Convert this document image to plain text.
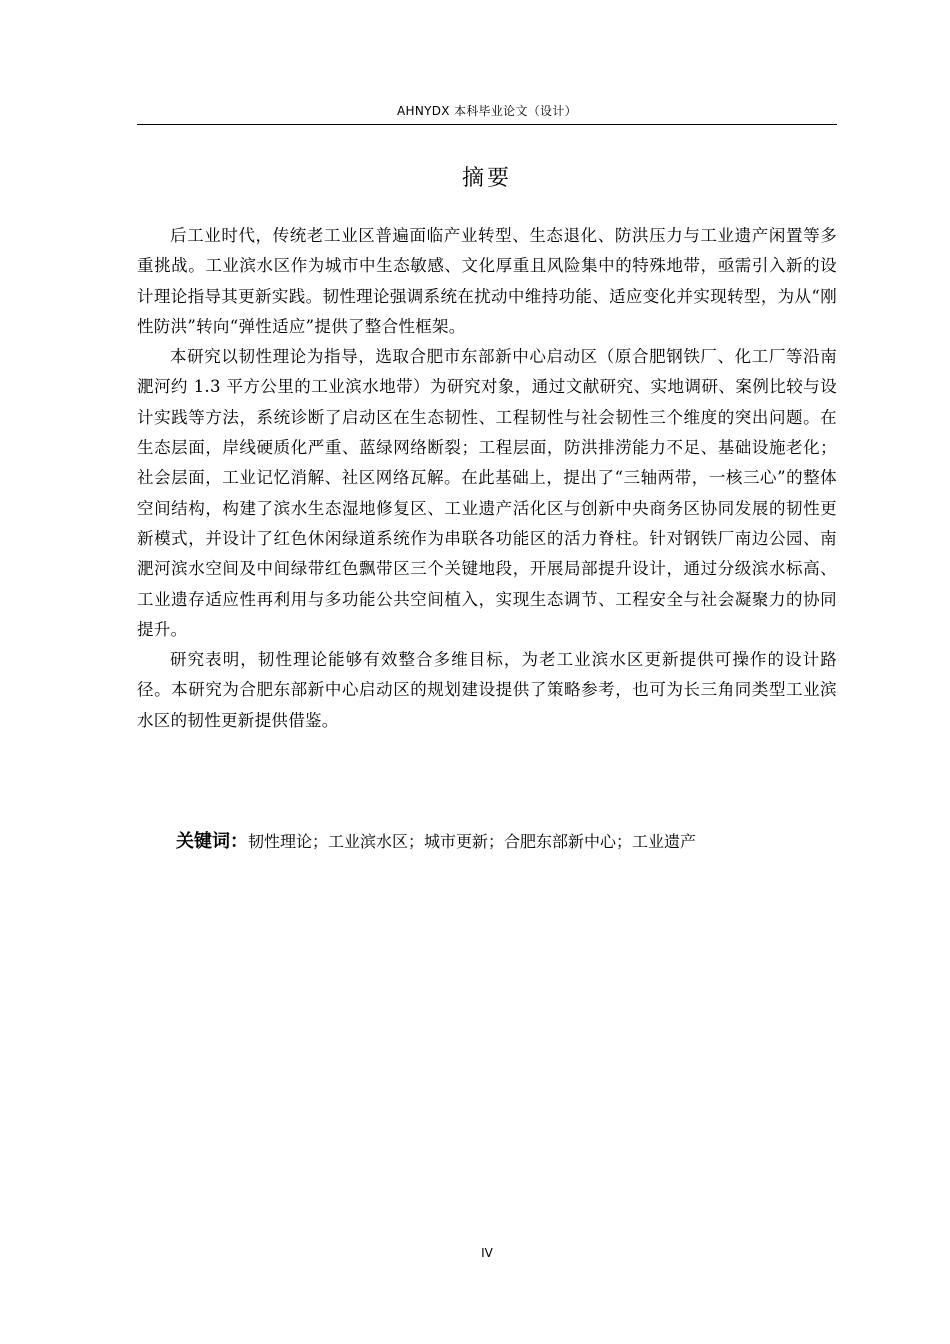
AHNYDX 本科毕业论文（设计）
摘要

后工业时代，传统老工业区普遍面临产业转型、生态退化、防洪压力与工业遗产闲置等多重挑战。工业滨水区作为城市中生态敏感、文化厚重且风险集中的特殊地带，亟需引入新的设计理论指导其更新实践。韧性理论强调系统在扰动中维持功能、适应变化并实现转型，为从“刚性防洪”转向“弹性适应”提供了整合性框架。

本研究以韧性理论为指导，选取合肥市东部新中心启动区（原合肥钢铁厂、化工厂等沿南淝河约 1.3 平方公里的工业滨水地带）为研究对象，通过文献研究、实地调研、案例比较与设计实践等方法，系统诊断了启动区在生态韧性、工程韧性与社会韧性三个维度的突出问题。在生态层面，岸线硬质化严重、蓝绿网络断裂；工程层面，防洪排涝能力不足、基础设施老化；社会层面，工业记忆消解、社区网络瓦解。在此基础上，提出了“三轴两带，一核三心”的整体空间结构，构建了滨水生态湿地修复区、工业遗产活化区与创新中央商务区协同发展的韧性更新模式，并设计了红色休闲绿道系统作为串联各功能区的活力脊柱。针对钢铁厂南边公园、南淝河滨水空间及中间绿带红色飘带区三个关键地段，开展局部提升设计，通过分级滨水标高、工业遗存适应性再利用与多功能公共空间植入，实现生态调节、工程安全与社会凝聚力的协同提升。

研究表明，韧性理论能够有效整合多维目标，为老工业滨水区更新提供可操作的设计路径。本研究为合肥东部新中心启动区的规划建设提供了策略参考，也可为长三角同类型工业滨水区的韧性更新提供借鉴。

关键词：韧性理论；工业滨水区；城市更新；合肥东部新中心；工业遗产
IV
